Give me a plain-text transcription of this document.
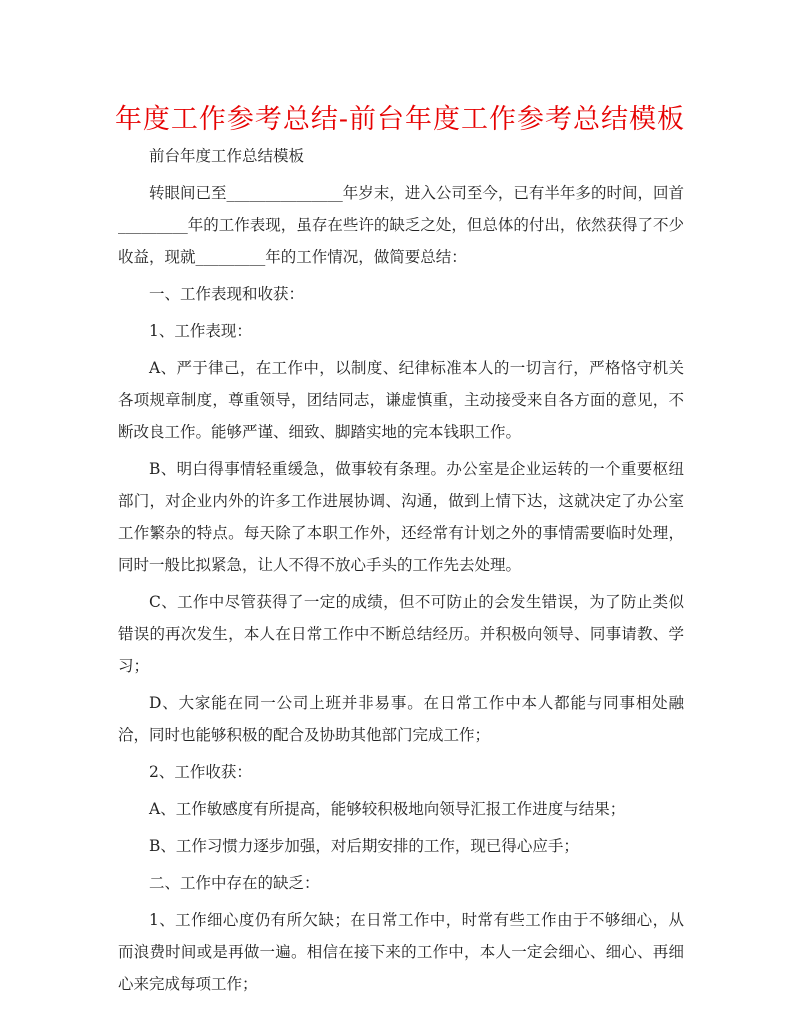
年度工作参考总结-前台年度工作参考总结模板

前台年度工作总结模板

转眼间已至_______________年岁末，进入公司至今，已有半年多的时间，回首_________年的工作表现，虽存在些许的缺乏之处，但总体的付出，依然获得了不少收益，现就_________年的工作情况，做简要总结：

一、工作表现和收获：

1、工作表现：

A、严于律己，在工作中，以制度、纪律标准本人的一切言行，严格恪守机关各项规章制度，尊重领导，团结同志，谦虚慎重，主动接受来自各方面的意见，不断改良工作。能够严谨、细致、脚踏实地的完本钱职工作。

B、明白得事情轻重缓急，做事较有条理。办公室是企业运转的一个重要枢纽部门，对企业内外的许多工作进展协调、沟通，做到上情下达，这就决定了办公室工作繁杂的特点。每天除了本职工作外，还经常有计划之外的事情需要临时处理，同时一般比拟紧急，让人不得不放心手头的工作先去处理。

C、工作中尽管获得了一定的成绩，但不可防止的会发生错误，为了防止类似错误的再次发生，本人在日常工作中不断总结经历。并积极向领导、同事请教、学习；

D、大家能在同一公司上班并非易事。在日常工作中本人都能与同事相处融洽，同时也能够积极的配合及协助其他部门完成工作；

2、工作收获：

A、工作敏感度有所提高，能够较积极地向领导汇报工作进度与结果；

B、工作习惯力逐步加强，对后期安排的工作，现已得心应手；

二、工作中存在的缺乏：

1、工作细心度仍有所欠缺；在日常工作中，时常有些工作由于不够细心，从而浪费时间或是再做一遍。相信在接下来的工作中，本人一定会细心、细心、再细心来完成每项工作；
